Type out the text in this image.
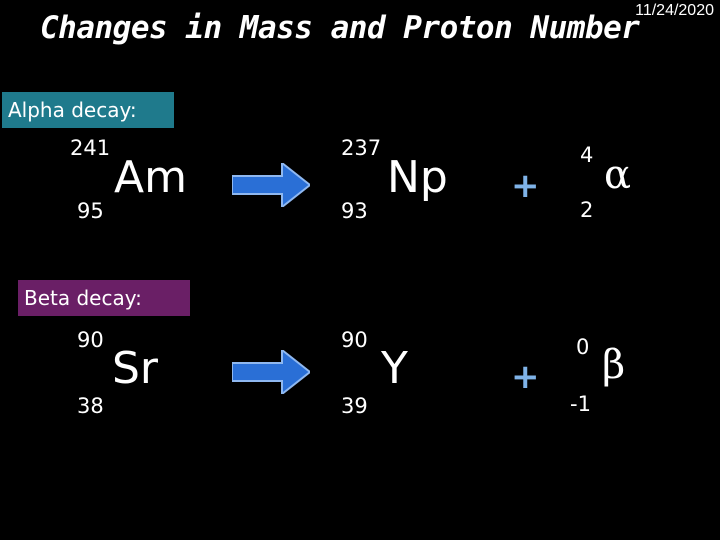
11/24/2020
Changes in Mass and Proton Number
Alpha decay:
241
95
Am
237
93
Np +
4
2
α
Beta decay:
90
38
Sr
90
39
Y	+
0
-1
β
